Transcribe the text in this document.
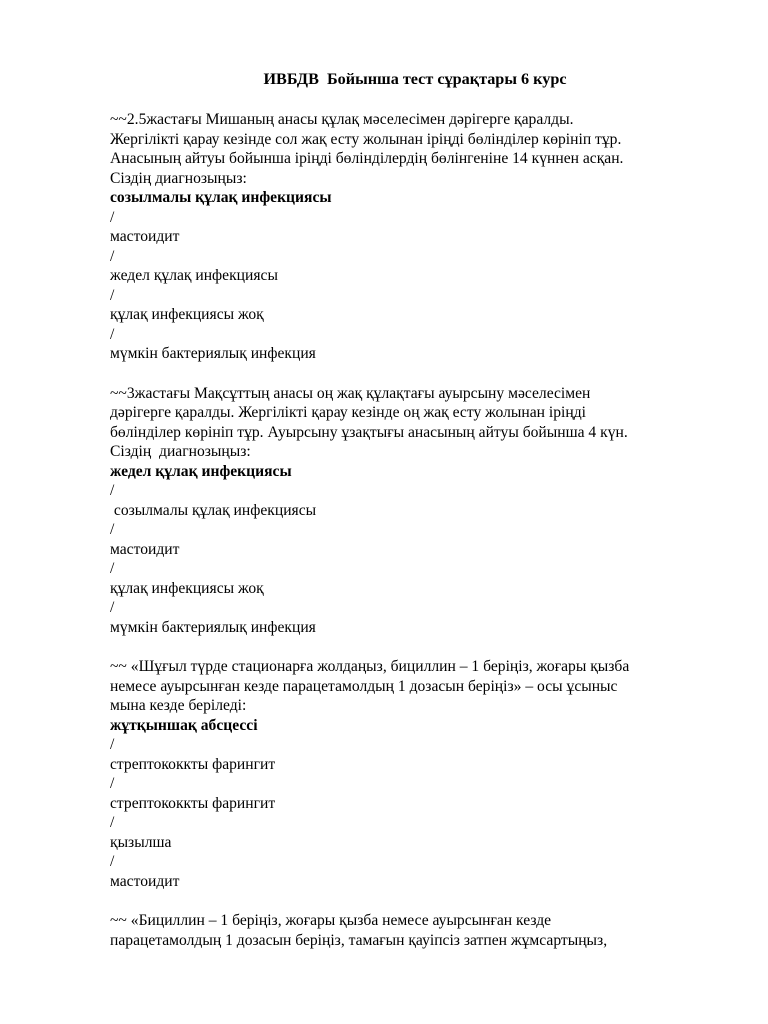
ИВБДВ  Бойынша тест сұрақтары 6 курс
~~2.5жастағы Мишаның анасы құлақ мәселесімен дәрігерге қаралды.
Жергілікті қарау кезінде сол жақ есту жолынан іріңді бөлінділер көрініп тұр.
Анасының айтуы бойынша іріңді бөлінділердің бөлінгеніне 14 күннен асқан.
Сіздің диагнозыңыз:
созылмалы құлақ инфекциясы
/
мастоидит
/
жедел құлақ инфекциясы
/
құлақ инфекциясы жоқ
/
мүмкін бактериялық инфекция
~~3жастағы Мақсұттың анасы оң жақ құлақтағы ауырсыну мәселесімен
дәрігерге қаралды. Жергілікті қарау кезінде оң жақ есту жолынан іріңді
бөлінділер көрініп тұр. Ауырсыну ұзақтығы анасының айтуы бойынша 4 күн.
Сіздің  диагнозыңыз:
жедел құлақ инфекциясы
/
созылмалы құлақ инфекциясы
/
мастоидит
/
құлақ инфекциясы жоқ
/
мүмкін бактериялық инфекция
~~ «Шұғыл түрде стационарға жолдаңыз, бициллин – 1 беріңіз, жоғары қызба
немесе ауырсынған кезде парацетамолдың 1 дозасын беріңіз» – осы ұсыныс
мына кезде беріледі:
жұтқыншақ абсцессі
/
стрептококкты фарингит
/
стрептококкты фарингит
/
қызылша
/
мастоидит
~~ «Бициллин – 1 беріңіз, жоғары қызба немесе ауырсынған кезде
парацетамолдың 1 дозасын беріңіз, тамағын қауіпсіз затпен жұмсартыңыз,
